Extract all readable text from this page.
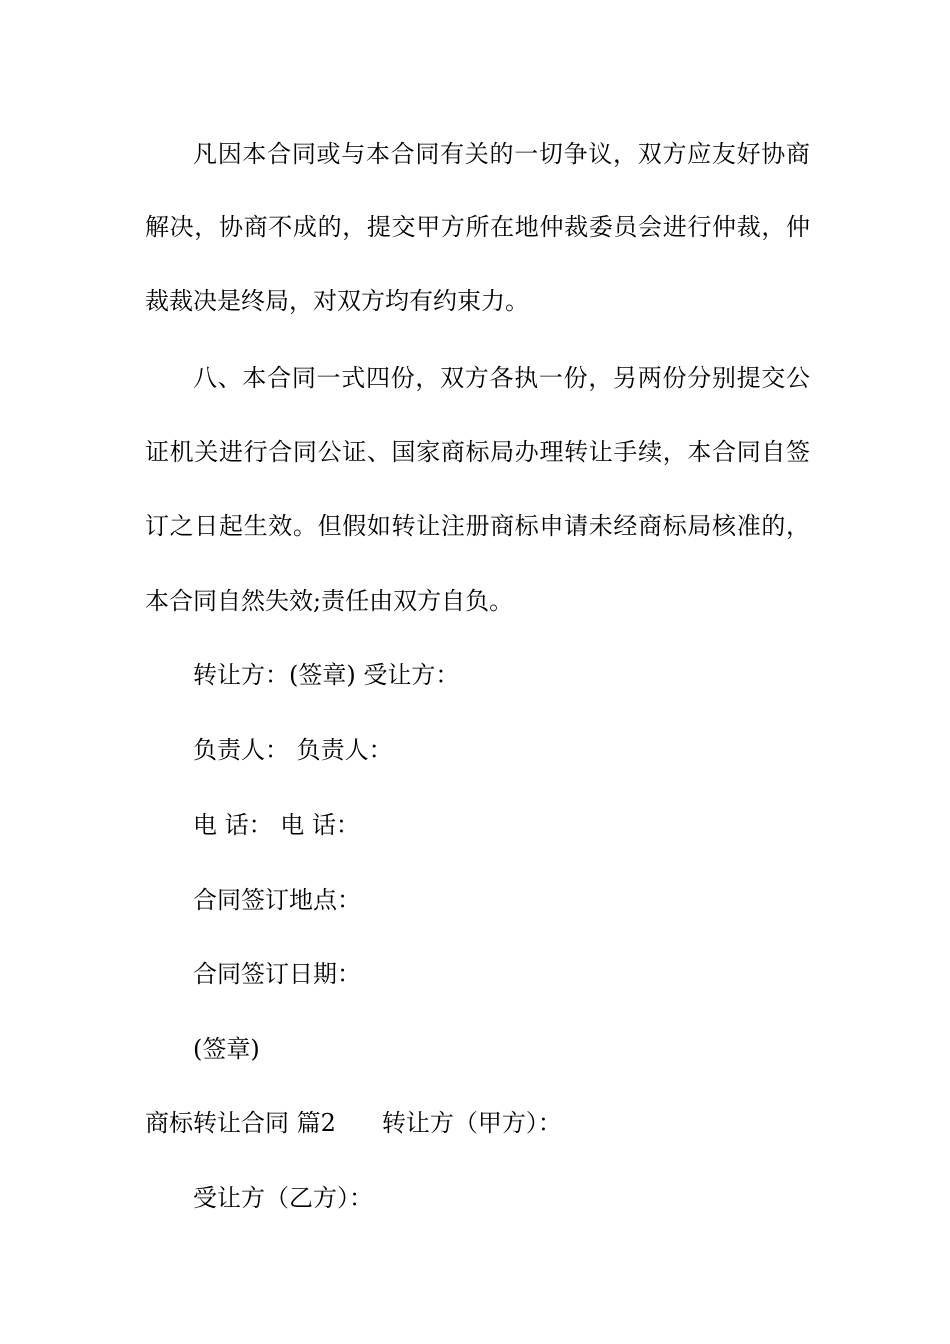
凡因本合同或与本合同有关的一切争议，双方应友好协商
解决，协商不成的，提交甲方所在地仲裁委员会进行仲裁，仲
裁裁决是终局，对双方均有约束力。
八、本合同一式四份，双方各执一份，另两份分别提交公
证机关进行合同公证、国家商标局办理转让手续，本合同自签
订之日起生效。但假如转让注册商标申请未经商标局核准的，
本合同自然失效;责任由双方自负。
转让方：(签章) 受让方：
负责人： 负责人：
电 话： 电 话：
合同签订地点：
合同签订日期：
(签章)
商标转让合同 篇2 转让方（甲方）：
受让方（乙方）：
